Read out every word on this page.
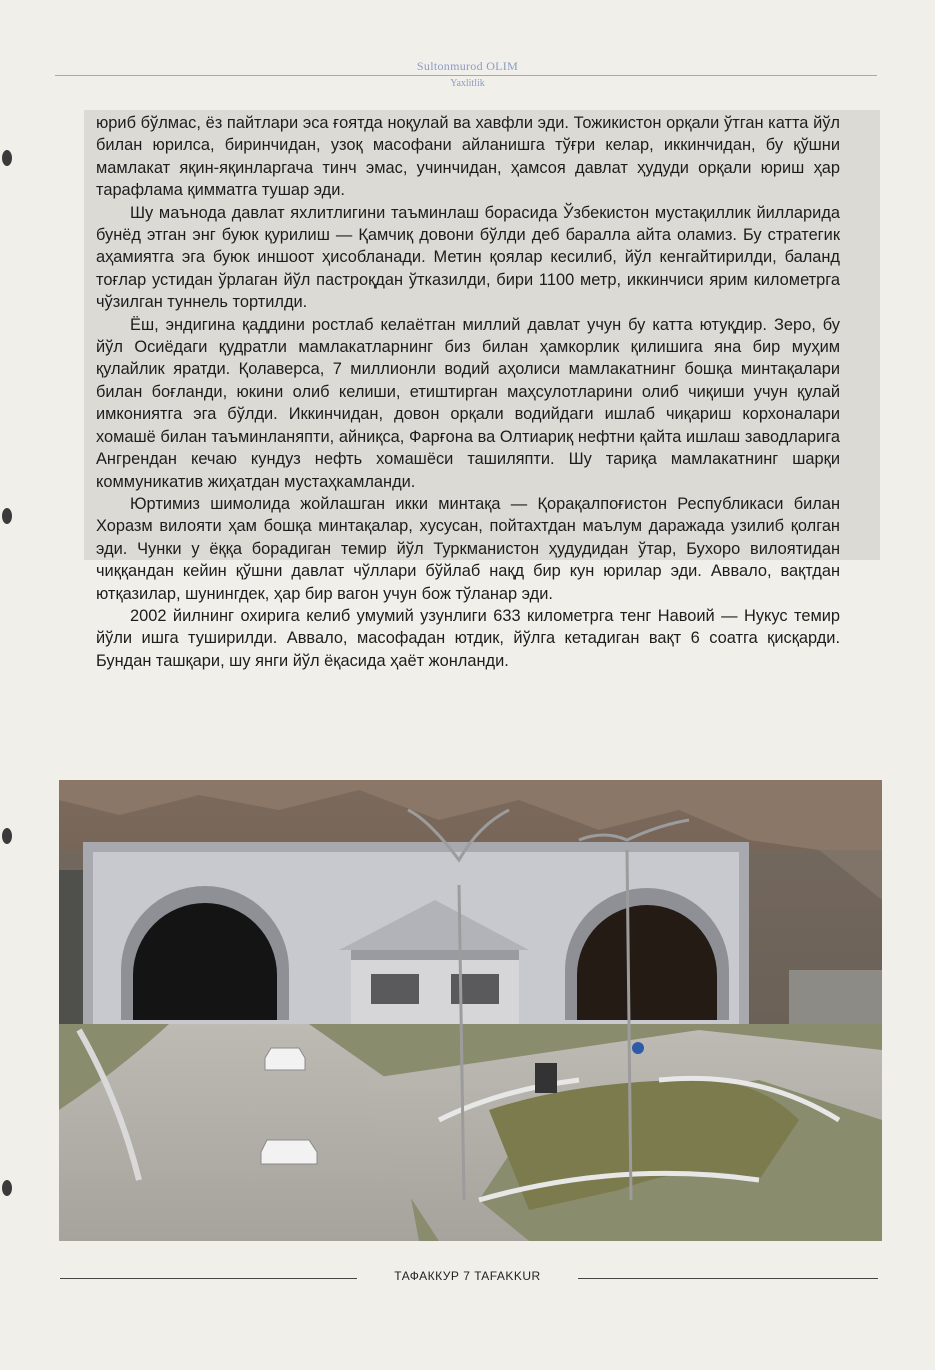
Sultonmurod OLIM
Yaxlitlik

юриб бўлмас, ёз пайтлари эса ғоятда ноқулай ва хавфли эди. Тожикистон орқали ўтган катта йўл билан юрилса, биринчидан, узоқ масофани айланишга тўғри келар, иккинчидан, бу қўшни мамлакат яқин-яқинларгача тинч эмас, учинчидан, ҳамсоя давлат ҳудуди орқали юриш ҳар тарафлама қимматга тушар эди.

Шу маънода давлат яхлитлигини таъминлаш борасида Ўзбекистон мустақиллик йилларида бунёд этган энг буюк қурилиш — Қамчиқ довони бўлди деб баралла айта оламиз. Бу стратегик аҳамиятга эга буюк иншоот ҳисобланади. Метин қоялар кесилиб, йўл кенгайтирилди, баланд тоғлар устидан ўрлаган йўл пастроқдан ўтказилди, бири 1100 метр, иккинчиси ярим километрга чўзилган туннель тортилди.

Ёш, эндигина қаддини ростлаб келаётган миллий давлат учун бу катта ютуқдир. Зеро, бу йўл Осиёдаги қудратли мамлакатларнинг биз билан ҳамкорлик қилишига яна бир муҳим қулайлик яратди. Қолаверса, 7 миллионли водий аҳолиси мамлакатнинг бошқа минтақалари билан боғланди, юкини олиб келиши, етиштирган маҳсулотларини олиб чиқиши учун қулай имкониятга эга бўлди. Иккинчидан, довон орқали водийдаги ишлаб чиқариш корхоналари хомашё билан таъминланяпти, айниқса, Фарғона ва Олтиариқ нефтни қайта ишлаш заводларига Ангрендан кечаю кундуз нефть хомашёси ташиляпти. Шу тариқа мамлакатнинг шарқи коммуникатив жиҳатдан мустаҳкамланди.

Юртимиз шимолида жойлашган икки минтақа — Қорақалпоғистон Республикаси билан Хоразм вилояти ҳам бошқа минтақалар, хусусан, пойтахтдан маълум даражада узилиб қолган эди. Чунки у ёққа борадиган темир йўл Туркманистон ҳудудидан ўтар, Бухоро вилоятидан чиққандан кейин қўшни давлат чўллари бўйлаб нақд бир кун юрилар эди. Аввало, вақтдан ютқазилар, шунингдек, ҳар бир вагон учун бож тўланар эди.

2002 йилнинг охирига келиб умумий узунлиги 633 километрга тенг Навоий — Нукус темир йўли ишга туширилди. Аввало, масофадан ютдик, йўлга кетадиган вақт 6 соатга қисқарди. Бундан ташқари, шу янги йўл ёқасида ҳаёт жонланди.

ТАФАККУР 7 TAFAKKUR
